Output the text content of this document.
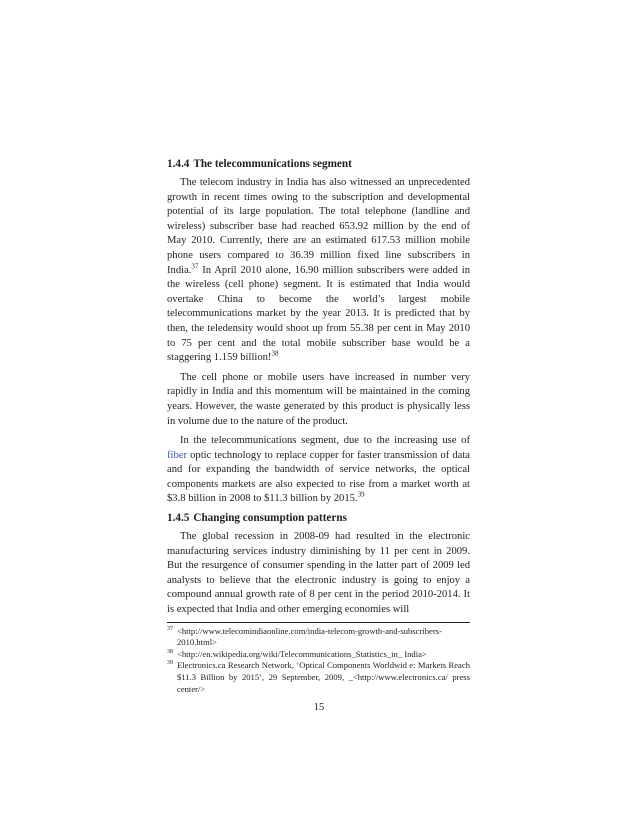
1.4.4 The telecommunications segment

The telecom industry in India has also witnessed an unprecedented growth in recent times owing to the subscription and developmental potential of its large population. The total telephone (landline and wireless) subscriber base had reached 653.92 million by the end of May 2010. Currently, there are an estimated 617.53 million mobile phone users compared to 36.39 million fixed line subscribers in India.$^{37}$ In April 2010 alone, 16.90 million subscribers were added in the wireless (cell phone) segment. It is estimated that India would overtake China to become the world’s largest mobile telecommunications market by the year 2013. It is predicted that by then, the teledensity would shoot up from 55.38 per cent in May 2010 to 75 per cent and the total mobile subscriber base would be a staggering 1.159 billion!$^{38}$

The cell phone or mobile users have increased in number very rapidly in India and this momentum will be maintained in the coming years. However, the waste generated by this product is physically less in volume due to the nature of the product.

In the telecommunications segment, due to the increasing use of fiber optic technology to replace copper for faster transmission of data and for expanding the bandwidth of service networks, the optical components markets are also expected to rise from a market worth at $3.8 billion in 2008 to $11.3 billion by 2015.39

1.4.5 Changing consumption patterns

The global recession in 2008-09 had resulted in the electronic manufacturing services industry diminishing by 11 per cent in 2009. But the resurgence of consumer spending in the latter part of 2009 led analysts to believe that the electronic industry is going to enjoy a compound annual growth rate of 8 per cent in the period 2010-2014. It is expected that India and other emerging economies will

37 <http://www.telecomindiaonline.com/india-telecom-growth-and-subscribers-2010.html>
38 <http://en.wikipedia.org/wiki/Telecommunications_Statistics_in_ India>
39 Electronics.ca Research Network, ‘Optical Components Worldwid e: Markets Reach $11.3 Billion by 2015’, 29 September, 2009, _<http://www.electronics.ca/ press center/>
15
